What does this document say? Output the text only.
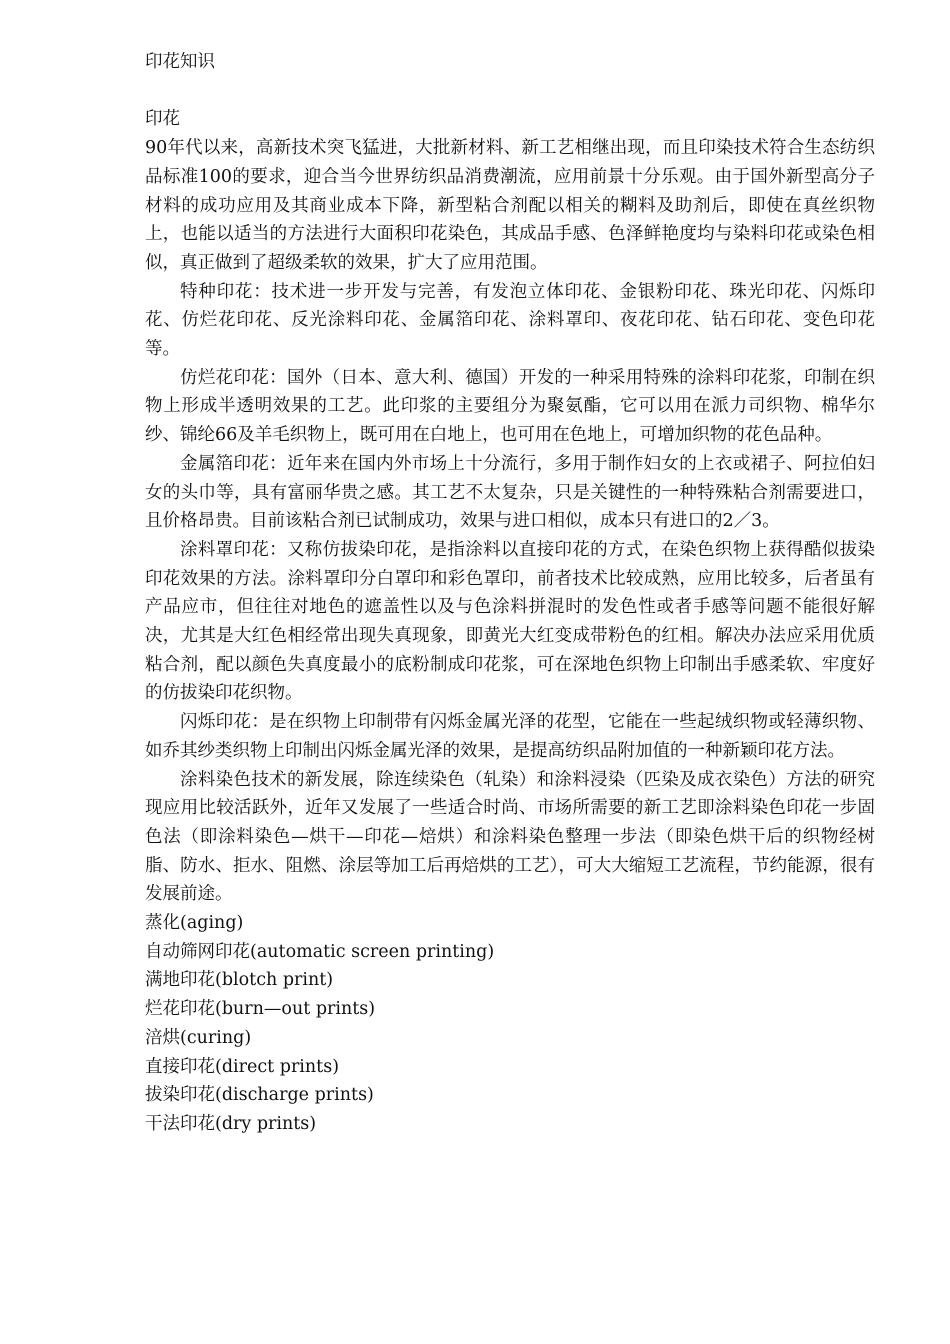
印花知识
印花

90年代以来，高新技术突飞猛进，大批新材料、新工艺相继出现，而且印染技术符合生态纺织品标准100的要求，迎合当今世界纺织品消费潮流，应用前景十分乐观。由于国外新型高分子材料的成功应用及其商业成本下降，新型粘合剂配以相关的糊料及助剂后，即使在真丝织物上，也能以适当的方法进行大面积印花染色，其成品手感、色泽鲜艳度均与染料印花或染色相似，真正做到了超级柔软的效果，扩大了应用范围。

特种印花：技术进一步开发与完善，有发泡立体印花、金银粉印花、珠光印花、闪烁印花、仿烂花印花、反光涂料印花、金属箔印花、涂料罩印、夜花印花、钻石印花、变色印花等。

仿烂花印花：国外（日本、意大利、德国）开发的一种采用特殊的涂料印花浆，印制在织物上形成半透明效果的工艺。此印浆的主要组分为聚氨酯，它可以用在派力司织物、棉华尔纱、锦纶66及羊毛织物上，既可用在白地上，也可用在色地上，可增加织物的花色品种。

金属箔印花：近年来在国内外市场上十分流行，多用于制作妇女的上衣或裙子、阿拉伯妇女的头巾等，具有富丽华贵之感。其工艺不太复杂，只是关键性的一种特殊粘合剂需要进口，且价格昂贵。目前该粘合剂已试制成功，效果与进口相似，成本只有进口的2／3。

涂料罩印花：又称仿拔染印花，是指涂料以直接印花的方式，在染色织物上获得酷似拔染印花效果的方法。涂料罩印分白罩印和彩色罩印，前者技术比较成熟，应用比较多，后者虽有产品应市，但往往对地色的遮盖性以及与色涂料拼混时的发色性或者手感等问题不能很好解决，尤其是大红色相经常出现失真现象，即黄光大红变成带粉色的红相。解决办法应采用优质粘合剂，配以颜色失真度最小的底粉制成印花浆，可在深地色织物上印制出手感柔软、牢度好的仿拔染印花织物。

闪烁印花：是在织物上印制带有闪烁金属光泽的花型，它能在一些起绒织物或轻薄织物、如乔其纱类织物上印制出闪烁金属光泽的效果，是提高纺织品附加值的一种新颖印花方法。

涂料染色技术的新发展，除连续染色（轧染）和涂料浸染（匹染及成衣染色）方法的研究现应用比较活跃外，近年又发展了一些适合时尚、市场所需要的新工艺即涂料染色印花一步固色法（即涂料染色—烘干—印花—焙烘）和涂料染色整理一步法（即染色烘干后的织物经树脂、防水、拒水、阻燃、涂层等加工后再焙烘的工艺），可大大缩短工艺流程，节约能源，很有发展前途。

蒸化(aging)
自动筛网印花(automatic screen printing)
满地印花(blotch print)
烂花印花(burn—out prints)
涪烘(curing)
直接印花(direct prints)
拔染印花(discharge prints)
干法印花(dry prints)
